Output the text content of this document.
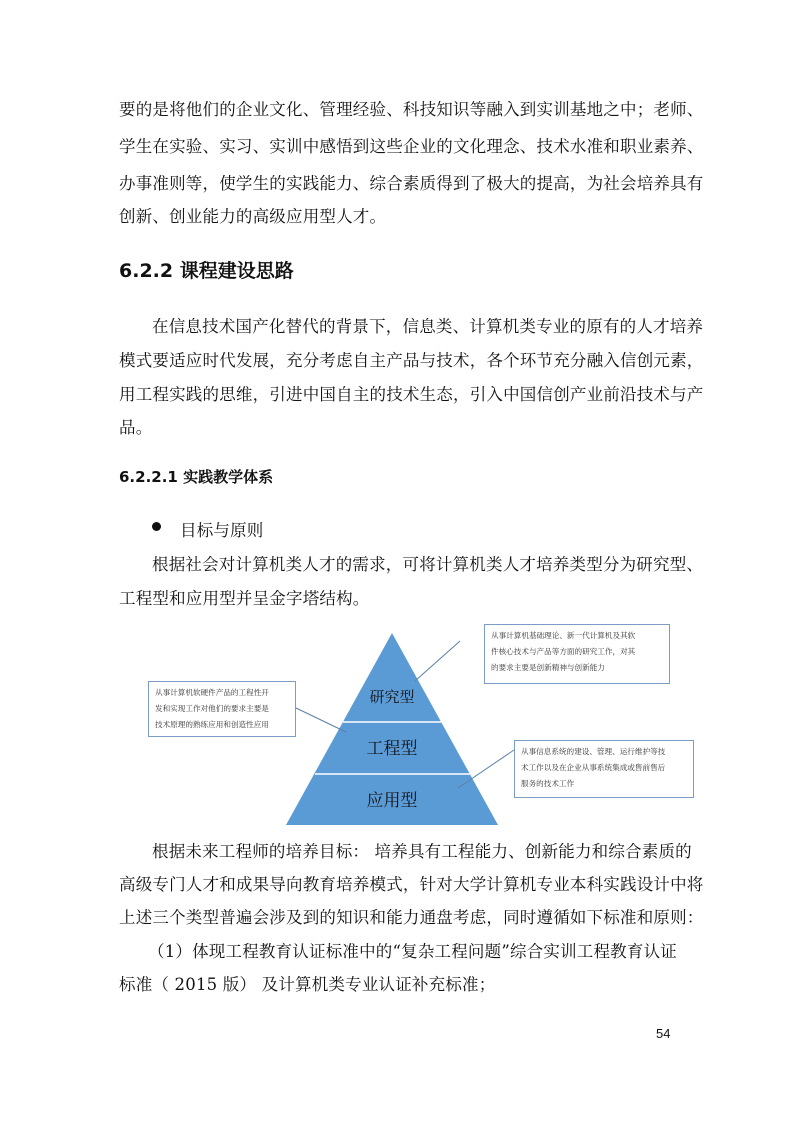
要的是将他们的企业文化、管理经验、科技知识等融入到实训基地之中；老师、
学生在实验、实习、实训中感悟到这些企业的文化理念、技术水准和职业素养、
办事准则等，使学生的实践能力、综合素质得到了极大的提高，为社会培养具有
创新、创业能力的高级应用型人才。
6.2.2 课程建设思路
在信息技术国产化替代的背景下，信息类、计算机类专业的原有的人才培养
模式要适应时代发展，充分考虑自主产品与技术，各个环节充分融入信创元素，
用工程实践的思维，引进中国自主的技术生态，引入中国信创产业前沿技术与产
品。
6.2.2.1 实践教学体系
目标与原则
根据社会对计算机类人才的需求，可将计算机类人才培养类型分为研究型、
工程型和应用型并呈金字塔结构。
研究型
工程型
应用型
从事计算机基础理论、新一代计算机及其软
件核心技术与产品等方面的研究工作，对其
的要求主要是创新精神与创新能力
从事计算机软硬件产品的工程性开
发和实现工作对他们的要求主要是
技术原理的熟练应用和创造性应用
从事信息系统的建设、管理、运行维护等技
术工作以及在企业从事系统集成或售前售后
服务的技术工作
根据未来工程师的培养目标： 培养具有工程能力、创新能力和综合素质的
高级专门人才和成果导向教育培养模式，针对大学计算机专业本科实践设计中将
上述三个类型普遍会涉及到的知识和能力通盘考虑，同时遵循如下标准和原则：
（1）体现工程教育认证标准中的“复杂工程问题”综合实训工程教育认证
标准（ 2015 版） 及计算机类专业认证补充标准；
54
